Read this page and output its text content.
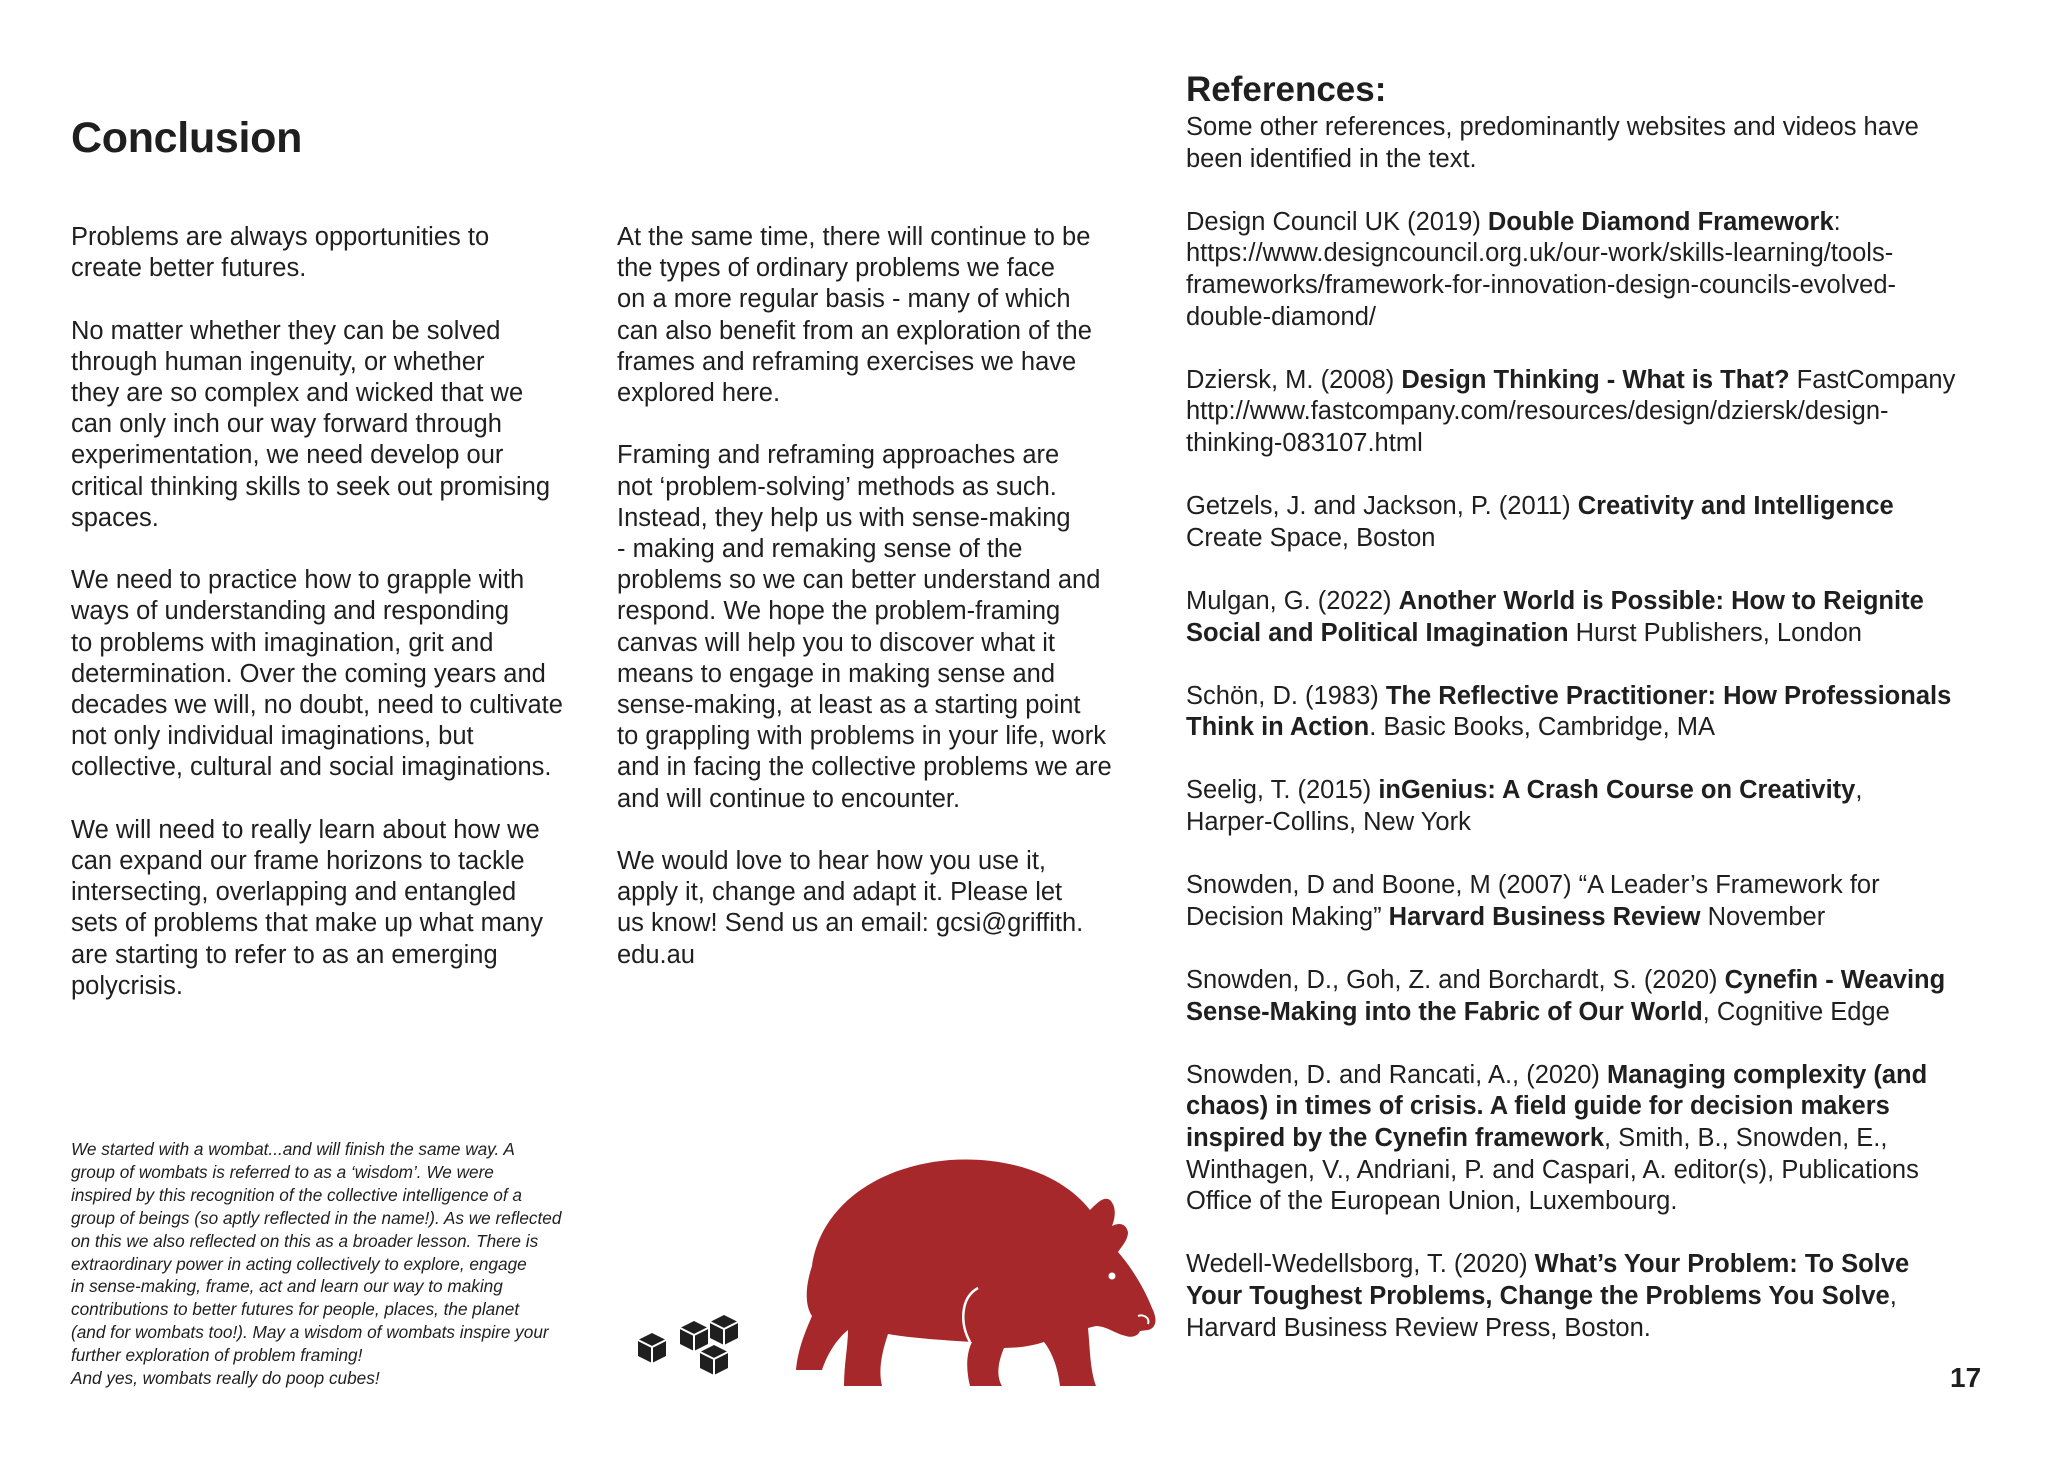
Conclusion

Problems are always opportunities to
create better futures.

No matter whether they can be solved
through human ingenuity, or whether
they are so complex and wicked that we
can only inch our way forward through
experimentation, we need develop our
critical thinking skills to seek out promising
spaces.

We need to practice how to grapple with
ways of understanding and responding
to problems with imagination, grit and
determination. Over the coming years and
decades we will, no doubt, need to cultivate
not only individual imaginations, but
collective, cultural and social imaginations.

We will need to really learn about how we
can expand our frame horizons to tackle
intersecting, overlapping and entangled
sets of problems that make up what many
are starting to refer to as an emerging
polycrisis.

At the same time, there will continue to be
the types of ordinary problems we face
on a more regular basis - many of which
can also benefit from an exploration of the
frames and reframing exercises we have
explored here.

Framing and reframing approaches are
not ‘problem-solving’ methods as such.
Instead, they help us with sense-making
- making and remaking sense of the
problems so we can better understand and
respond. We hope the problem-framing
canvas will help you to discover what it
means to engage in making sense and
sense-making, at least as a starting point
to grappling with problems in your life, work
and in facing the collective problems we are
and will continue to encounter.

We would love to hear how you use it,
apply it, change and adapt it. Please let
us know! Send us an email: gcsi@griffith.
edu.au

References:

Some other references, predominantly websites and videos have
been identified in the text.

Design Council UK (2019) Double Diamond Framework:
https://www.designcouncil.org.uk/our-work/skills-learning/tools-
frameworks/framework-for-innovation-design-councils-evolved-
double-diamond/

Dziersk, M. (2008) Design Thinking - What is That? FastCompany
http://www.fastcompany.com/resources/design/dziersk/design-
thinking-083107.html

Getzels, J. and Jackson, P. (2011) Creativity and Intelligence
Create Space, Boston

Mulgan, G. (2022) Another World is Possible: How to Reignite
Social and Political Imagination Hurst Publishers, London

Schön, D. (1983) The Reflective Practitioner: How Professionals
Think in Action. Basic Books, Cambridge, MA

Seelig, T. (2015) inGenius: A Crash Course on Creativity,
Harper-Collins, New York

Snowden, D and Boone, M (2007) “A Leader’s Framework for
Decision Making” Harvard Business Review November

Snowden, D., Goh, Z. and Borchardt, S. (2020) Cynefin - Weaving
Sense-Making into the Fabric of Our World, Cognitive Edge

Snowden, D. and Rancati, A., (2020) Managing complexity (and
chaos) in times of crisis. A field guide for decision makers
inspired by the Cynefin framework, Smith, B., Snowden, E.,
Winthagen, V., Andriani, P. and Caspari, A. editor(s), Publications
Office of the European Union, Luxembourg.

Wedell-Wedellsborg, T. (2020) What’s Your Problem: To Solve
Your Toughest Problems, Change the Problems You Solve,
Harvard Business Review Press, Boston.

We started with a wombat...and will finish the same way. A
group of wombats is referred to as a ‘wisdom’. We were
inspired by this recognition of the collective intelligence of a
group of beings (so aptly reflected in the name!). As we reflected
on this we also reflected on this as a broader lesson. There is
extraordinary power in acting collectively to explore, engage
in sense-making, frame, act and learn our way to making
contributions to better futures for people, places, the planet
(and for wombats too!). May a wisdom of wombats inspire your
further exploration of problem framing!
And yes, wombats really do poop cubes!	17
